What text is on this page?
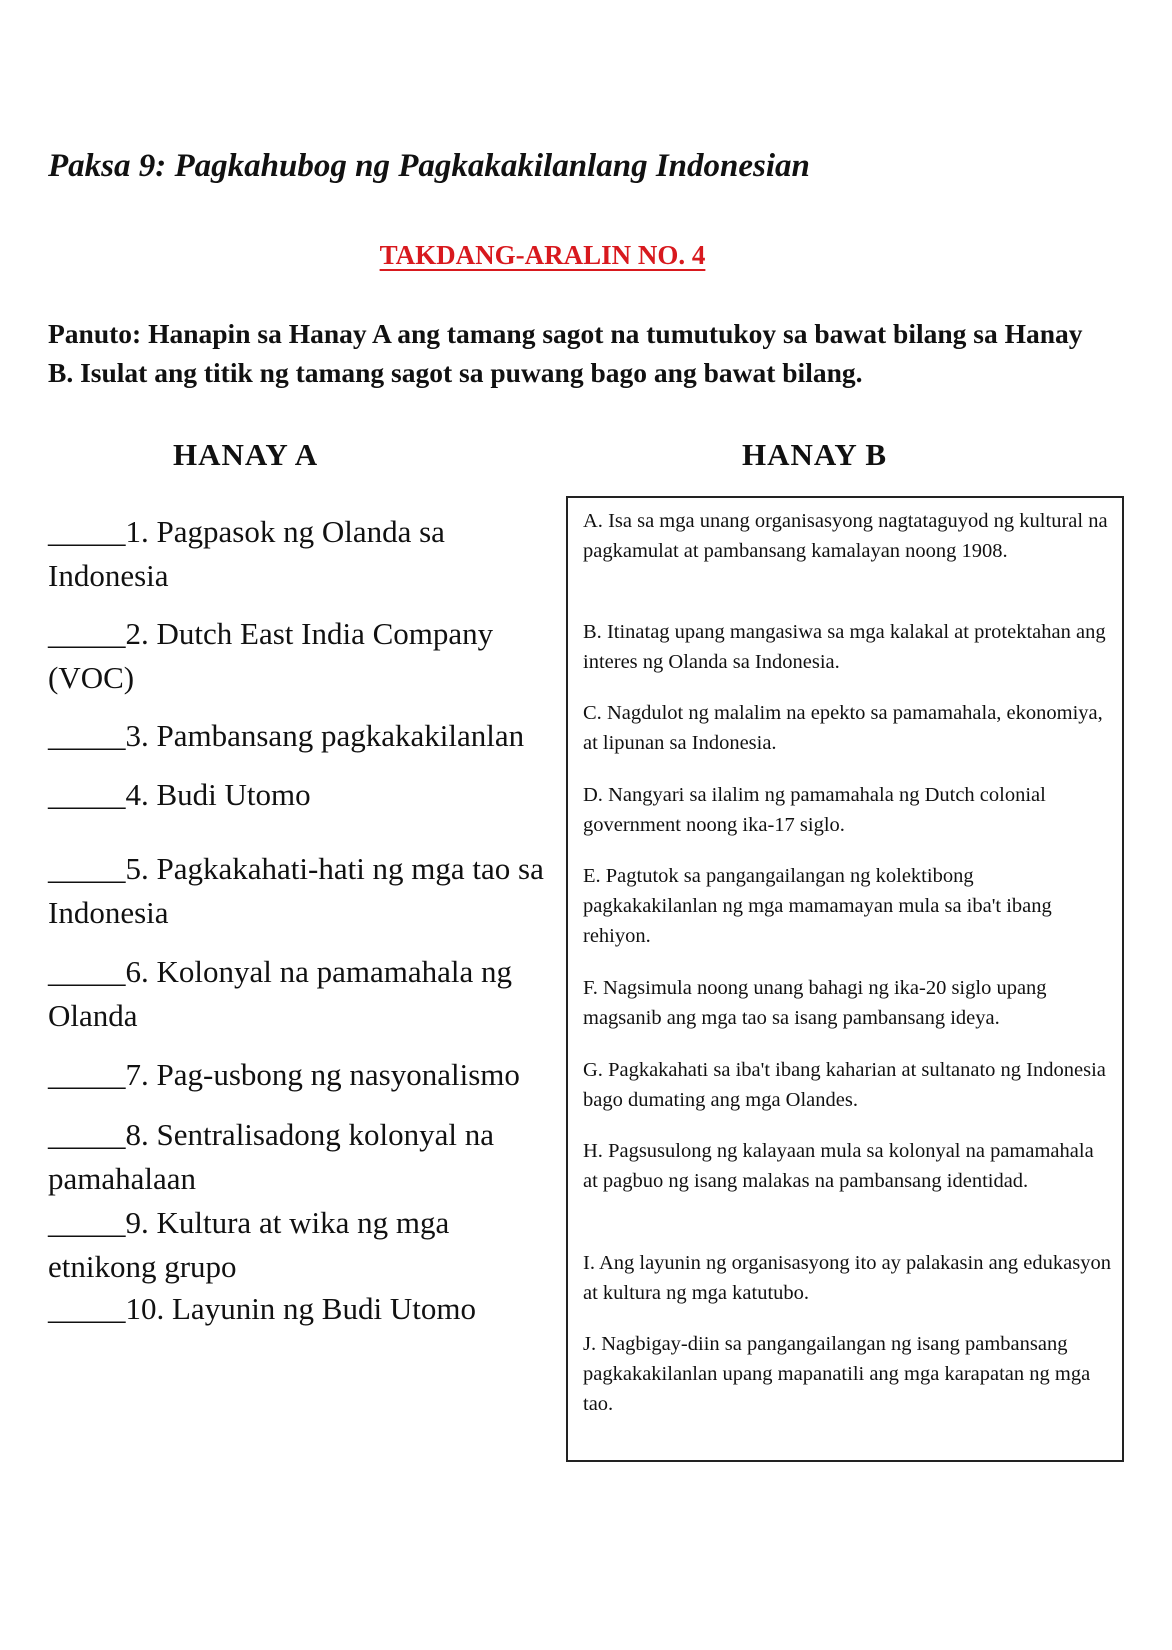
Paksa 9: Pagkahubog ng Pagkakakilanlang Indonesian
TAKDANG-ARALIN NO. 4
Panuto: Hanapin sa Hanay A ang tamang sagot na tumutukoy sa bawat bilang sa Hanay B. Isulat ang titik ng tamang sagot sa puwang bago ang bawat bilang.
HANAY A	HANAY B
_____1. Pagpasok ng Olanda sa Indonesia
_____2. Dutch East India Company (VOC)
_____3. Pambansang pagkakakilanlan
_____4. Budi Utomo
_____5. Pagkakahati-hati ng mga tao sa Indonesia
_____6. Kolonyal na pamamahala ng Olanda
_____7. Pag-usbong ng nasyonalismo
_____8. Sentralisadong kolonyal na pamahalaan
_____9. Kultura at wika ng mga etnikong grupo
_____10. Layunin ng Budi Utomo
A. Isa sa mga unang organisasyong nagtataguyod ng kultural na pagkamulat at pambansang kamalayan noong 1908.
B. Itinatag upang mangasiwa sa mga kalakal at protektahan ang interes ng Olanda sa Indonesia.
C. Nagdulot ng malalim na epekto sa pamamahala, ekonomiya, at lipunan sa Indonesia.
D. Nangyari sa ilalim ng pamamahala ng Dutch colonial government noong ika-17 siglo.
E. Pagtutok sa pangangailangan ng kolektibong pagkakakilanlan ng mga mamamayan mula sa iba't ibang rehiyon.
F. Nagsimula noong unang bahagi ng ika-20 siglo upang magsanib ang mga tao sa isang pambansang ideya.
G. Pagkakahati sa iba't ibang kaharian at sultanato ng Indonesia bago dumating ang mga Olandes.
H. Pagsusulong ng kalayaan mula sa kolonyal na pamamahala at pagbuo ng isang malakas na pambansang identidad.
I. Ang layunin ng organisasyong ito ay palakasin ang edukasyon at kultura ng mga katutubo.
J. Nagbigay-diin sa pangangailangan ng isang pambansang pagkakakilanlan upang mapanatili ang mga karapatan ng mga tao.
